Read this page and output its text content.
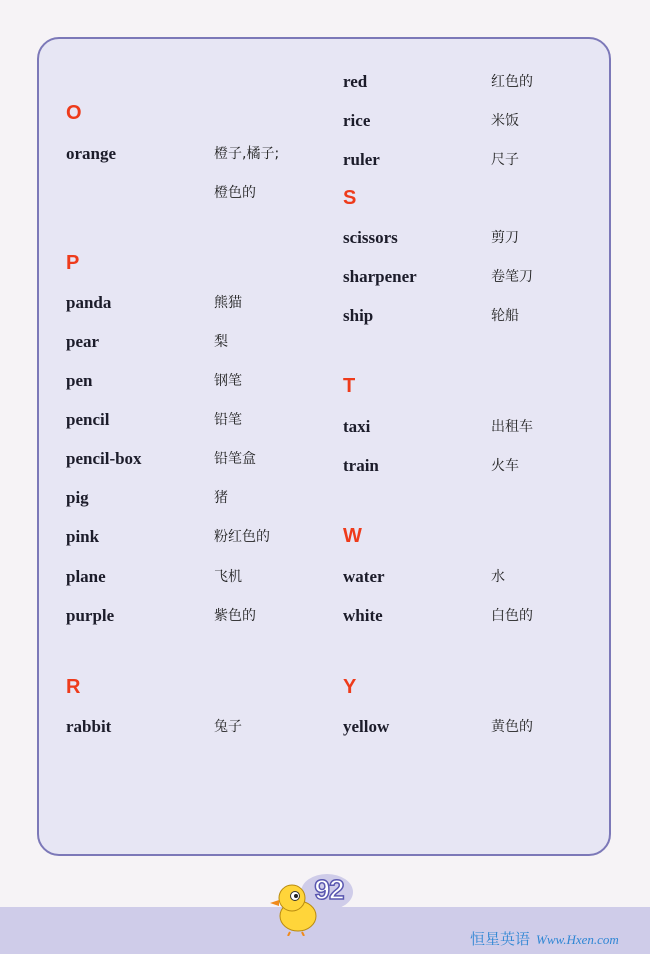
O
orange	橙子,橘子;
橙色的
P
panda	熊猫
pear	梨
pen	钢笔
pencil	铅笔
pencil-box	铅笔盒
pig	猪
pink	粉红色的
plane	飞机
purple	紫色的
R
rabbit	兔子
red	红色的
rice	米饭
ruler	尺子
S
scissors	剪刀
sharpener	卷笔刀
ship	轮船
T
taxi	出租车
train	火车
W
water	水
white	白色的
Y
yellow	黄色的
92
恒星英语 Www.Hxen.com
